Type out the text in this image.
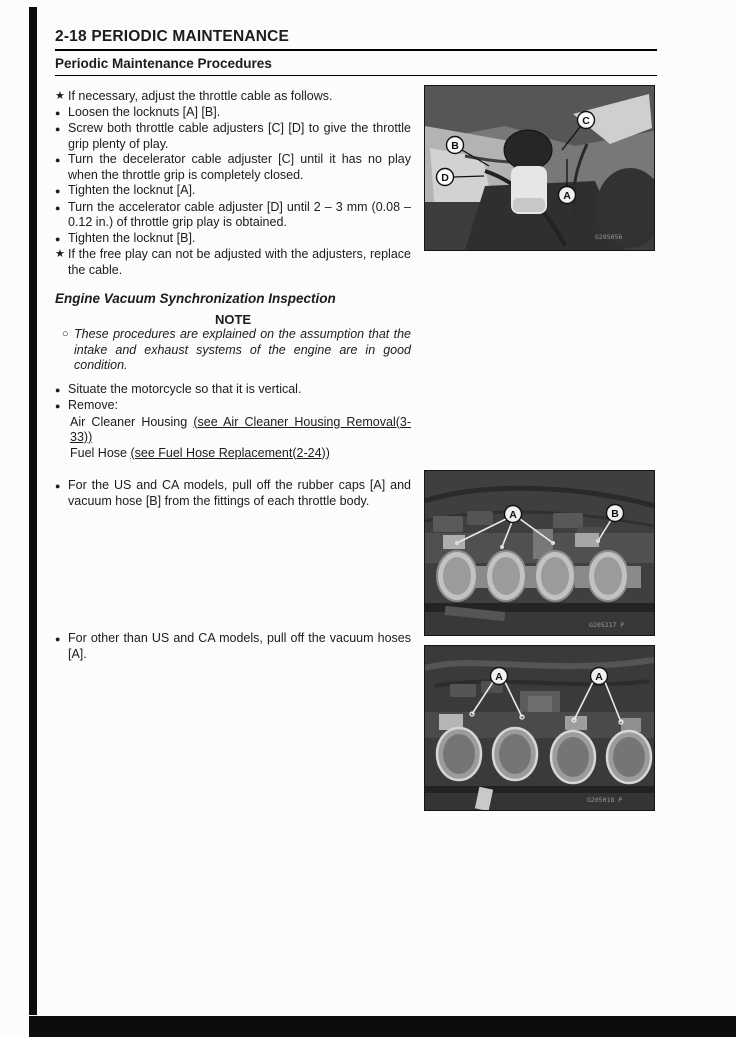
2-18 PERIODIC MAINTENANCE
Periodic Maintenance Procedures
★ If necessary, adjust the throttle cable as follows.
● Loosen the locknuts [A] [B].
● Screw both throttle cable adjusters [C] [D] to give the throttle grip plenty of play.
● Turn the decelerator cable adjuster [C] until it has no play when the throttle grip is completely closed.
● Tighten the locknut [A].
● Turn the accelerator cable adjuster [D] until 2 – 3 mm (0.08 – 0.12 in.) of throttle grip play is obtained.
● Tighten the locknut [B].
★ If the free play can not be adjusted with the adjusters, replace the cable.
Engine Vacuum Synchronization Inspection
NOTE
○ These procedures are explained on the assumption that the intake and exhaust systems of the engine are in good condition.
● Situate the motorcycle so that it is vertical.
● Remove:
Air Cleaner Housing (see Air Cleaner Housing Removal(3-33))
Fuel Hose (see Fuel Hose Replacement(2-24))
● For the US and CA models, pull off the rubber caps [A] and vacuum hose [B] from the fittings of each throttle body.
● For other than US and CA models, pull off the vacuum hoses [A].
B
D
C
A
G205056
A	B
G205217 P
A	A
G205018 P
